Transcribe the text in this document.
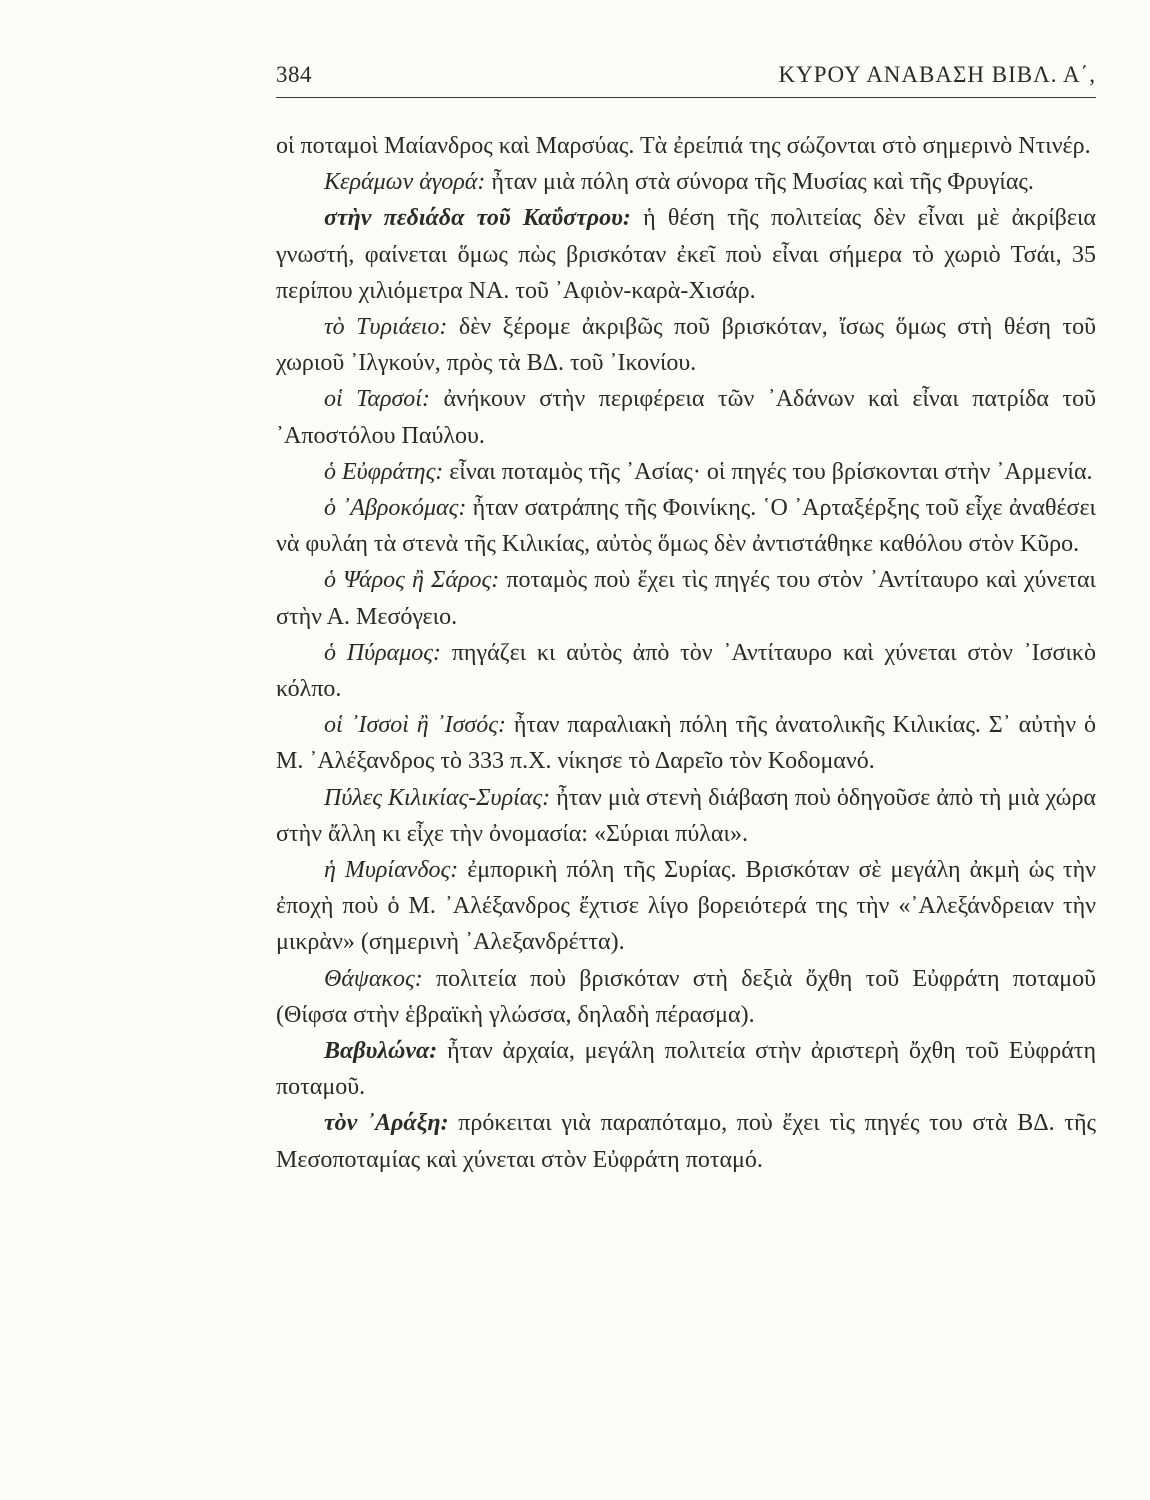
384	ΚΥΡΟΥ ΑΝΑΒΑΣΗ ΒΙΒΛ. Α΄,

οἱ ποταμοὶ Μαίανδρος καὶ Μαρσύας. Τὰ ἐρείπιά της σώζονται στὸ σημερινὸ Ντινέρ.

Κεράμων ἀγορά: ἦταν μιὰ πόλη στὰ σύνορα τῆς Μυσίας καὶ τῆς Φρυγίας.

στὴν πεδιάδα τοῦ Καΰστρου: ἡ θέση τῆς πολιτείας δὲν εἶναι μὲ ἀκρίβεια γνωστή, φαίνεται ὅμως πὼς βρισκόταν ἐκεῖ ποὺ εἶναι σήμερα τὸ χωριὸ Τσάι, 35 περίπου χιλιόμετρα ΝΑ. τοῦ ᾿Αφιὸν-καρὰ-Χισάρ.

τὸ Τυριάειο: δὲν ξέρομε ἀκριβῶς ποῦ βρισκόταν, ἴσως ὅμως στὴ θέση τοῦ χωριοῦ ᾿Ιλγκούν, πρὸς τὰ ΒΔ. τοῦ ᾿Ικονίου.

οἱ Ταρσοί: ἀνήκουν στὴν περιφέρεια τῶν ᾿Αδάνων καὶ εἶναι πατρίδα τοῦ ᾿Αποστόλου Παύλου.

ὁ Εὐφράτης: εἶναι ποταμὸς τῆς ᾿Ασίας· οἱ πηγές του βρίσκονται στὴν ᾿Αρμενία.

ὁ ᾿Αβροκόμας: ἦταν σατράπης τῆς Φοινίκης. ῾Ο ᾿Αρταξέρξης τοῦ εἶχε ἀναθέσει νὰ φυλάη τὰ στενὰ τῆς Κιλικίας, αὐτὸς ὅμως δὲν ἀντιστάθηκε καθόλου στὸν Κῦρο.

ὁ Ψάρος ἢ Σάρος: ποταμὸς ποὺ ἔχει τὶς πηγές του στὸν ᾿Αντίταυρο καὶ χύνεται στὴν Α. Μεσόγειο.

ὁ Πύραμος: πηγάζει κι αὐτὸς ἀπὸ τὸν ᾿Αντίταυρο καὶ χύνεται στὸν ᾿Ισσικὸ κόλπο.

οἱ ᾿Ισσοὶ ἢ ᾿Ισσός: ἦταν παραλιακὴ πόλη τῆς ἀνατολικῆς Κιλικίας. Σ᾿ αὐτὴν ὁ Μ. ᾿Αλέξανδρος τὸ 333 π.Χ. νίκησε τὸ Δαρεῖο τὸν Κοδομανό.

Πύλες Κιλικίας-Συρίας: ἦταν μιὰ στενὴ διάβαση ποὺ ὁδηγοῦσε ἀπὸ τὴ μιὰ χώρα στὴν ἄλλη κι εἶχε τὴν ὀνομασία: «Σύριαι πύλαι».

ἡ Μυρίανδος: ἐμπορικὴ πόλη τῆς Συρίας. Βρισκόταν σὲ μεγάλη ἀκμὴ ὡς τὴν ἐποχὴ ποὺ ὁ Μ. ᾿Αλέξανδρος ἔχτισε λίγο βορειότερά της τὴν «᾿Αλεξάνδρειαν τὴν μικρὰν» (σημερινὴ ᾿Αλεξανδρέττα).

Θάψακος: πολιτεία ποὺ βρισκόταν στὴ δεξιὰ ὄχθη τοῦ Εὐφράτη ποταμοῦ (Θίφσα στὴν ἑβραϊκὴ γλώσσα, δηλαδὴ πέρασμα).

Βαβυλώνα: ἦταν ἀρχαία, μεγάλη πολιτεία στὴν ἀριστερὴ ὄχθη τοῦ Εὐφράτη ποταμοῦ.

τὸν ᾿Αράξη: πρόκειται γιὰ παραπόταμο, ποὺ ἔχει τὶς πηγές του στὰ ΒΔ. τῆς Μεσοποταμίας καὶ χύνεται στὸν Εὐφράτη ποταμό.
